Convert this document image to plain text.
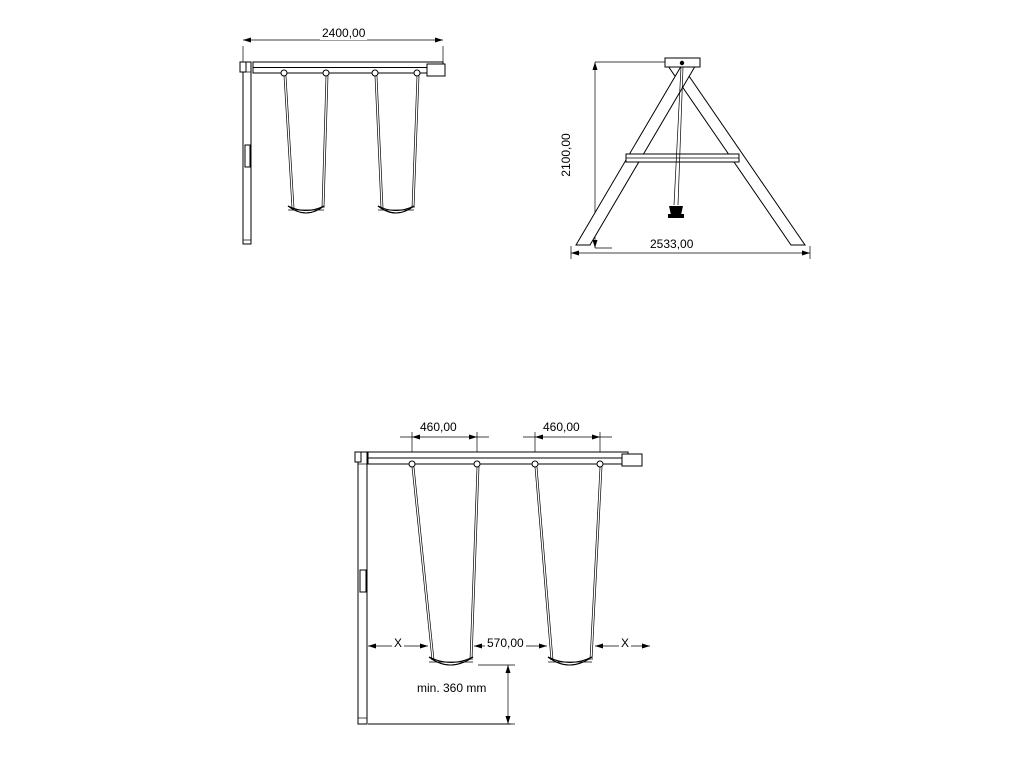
2400,00
2100,00
2533,00
460,00	460,00
X	570,00	X
min. 360 mm
